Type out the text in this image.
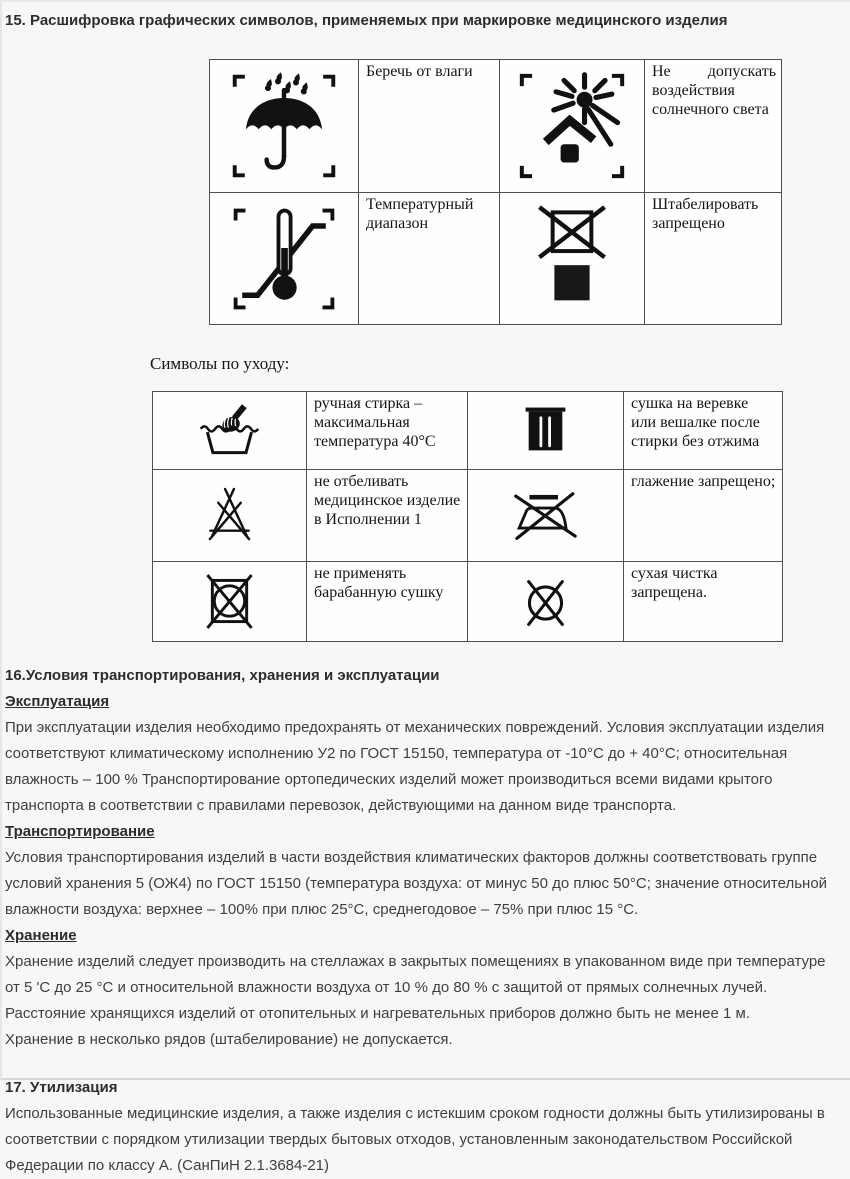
15. Расшифровка графических символов, применяемых при маркировке медицинского изделия
	Беречь от влаги		Не допускать воздействия солнечного света

	Температурный диапазон		Штабелировать запрещено
Символы по уходу:
	ручная стирка – максимальная температура 40°С		сушка на веревке или вешалке после стирки без отжима

	не отбеливать медицинское изделие в Исполнении 1		глажение запрещено;

	не применять барабанную сушку		сухая чистка запрещена.
16.Условия транспортирования, хранения и эксплуатации
Эксплуатация

При эксплуатации изделия необходимо предохранять от механических повреждений. Условия эксплуатации изделия соответствуют климатическому исполнению У2 по ГОСТ 15150, температура от -10°С до + 40°С; относительная влажность – 100 % Транспортирование ортопедических изделий может производиться всеми видами крытого транспорта в соответствии с правилами перевозок, действующими на данном виде транспорта.

Транспортирование

Условия транспортирования изделий в части воздействия климатических факторов должны соответствовать группе условий хранения 5 (ОЖ4) по ГОСТ 15150 (температура воздуха: от минус 50 до плюс 50°С; значение относительной влажности воздуха: верхнее – 100% при плюс 25°С, среднегодовое – 75% при плюс 15 °С.

Хранение

Хранение изделий следует производить на стеллажах в закрытых помещениях в упакованном виде при температуре от 5 'С до 25 °С и относительной влажности воздуха от 10 % до 80 % с защитой от прямых солнечных лучей. Расстояние хранящихся изделий от отопительных и нагревательных приборов должно быть не менее 1 м.

Хранение в несколько рядов (штабелирование) не допускается.

17. Утилизация

Использованные медицинские изделия, а также изделия с истекшим сроком годности должны быть утилизированы в соответствии с порядком утилизации твердых бытовых отходов, установленным законодательством Российской Федерации по классу А. (СанПиН 2.1.3684-21)
